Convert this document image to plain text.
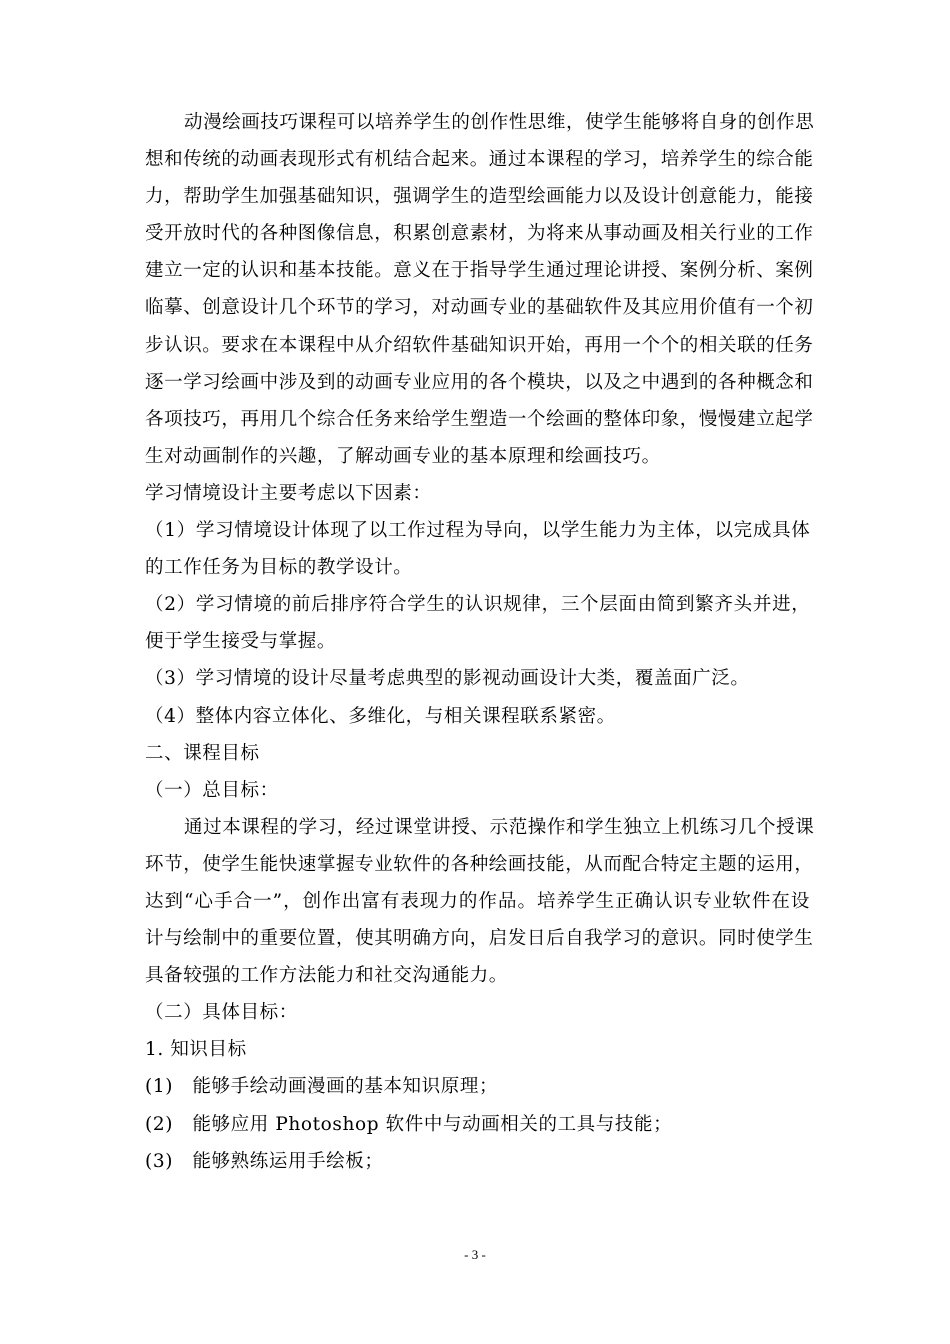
动漫绘画技巧课程可以培养学生的创作性思维，使学生能够将自身的创作思
想和传统的动画表现形式有机结合起来。通过本课程的学习，培养学生的综合能
力，帮助学生加强基础知识，强调学生的造型绘画能力以及设计创意能力，能接
受开放时代的各种图像信息，积累创意素材，为将来从事动画及相关行业的工作
建立一定的认识和基本技能。意义在于指导学生通过理论讲授、案例分析、案例
临摹、创意设计几个环节的学习，对动画专业的基础软件及其应用价值有一个初
步认识。要求在本课程中从介绍软件基础知识开始，再用一个个的相关联的任务
逐一学习绘画中涉及到的动画专业应用的各个模块，以及之中遇到的各种概念和
各项技巧，再用几个综合任务来给学生塑造一个绘画的整体印象，慢慢建立起学
生对动画制作的兴趣，了解动画专业的基本原理和绘画技巧。
学习情境设计主要考虑以下因素：
（1）学习情境设计体现了以工作过程为导向，以学生能力为主体，以完成具体
的工作任务为目标的教学设计。
（2）学习情境的前后排序符合学生的认识规律，三个层面由简到繁齐头并进，
便于学生接受与掌握。
（3）学习情境的设计尽量考虑典型的影视动画设计大类，覆盖面广泛。
（4）整体内容立体化、多维化，与相关课程联系紧密。
二、课程目标
（一）总目标：
通过本课程的学习，经过课堂讲授、示范操作和学生独立上机练习几个授课
环节，使学生能快速掌握专业软件的各种绘画技能，从而配合特定主题的运用，
达到“心手合一”，创作出富有表现力的作品。培养学生正确认识专业软件在设
计与绘制中的重要位置，使其明确方向，启发日后自我学习的意识。同时使学生
具备较强的工作方法能力和社交沟通能力。
（二）具体目标：
1. 知识目标
(1)   能够手绘动画漫画的基本知识原理；
(2)   能够应用 Photoshop 软件中与动画相关的工具与技能；
(3)   能够熟练运用手绘板；
- 3 -
